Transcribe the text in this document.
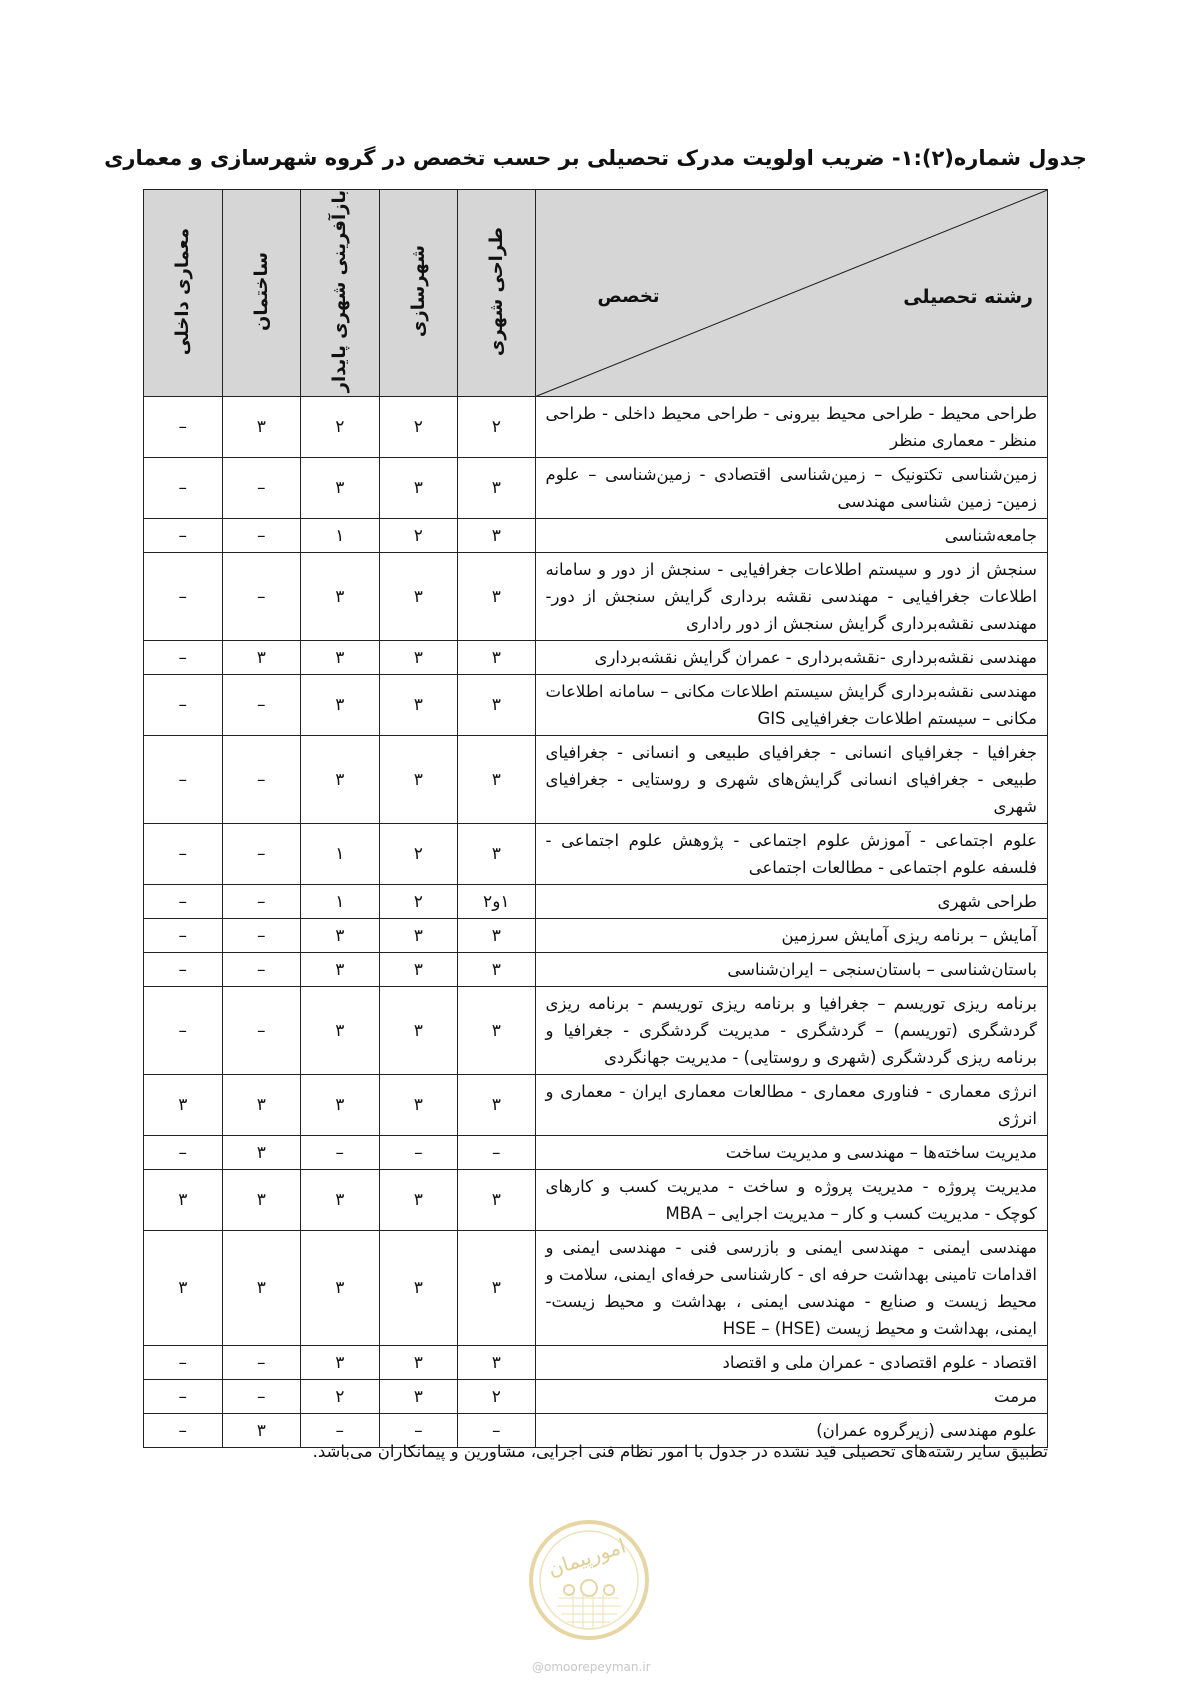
جدول شماره(۲):۱- ضریب اولویت مدرک تحصیلی بر حسب تخصص در گروه شهرسازی و معماری
رشته تحصیلی
تخصص	طراحی شهری	شهرسازی	بازآفرینی شهری پایدار	ساختمان	معماری داخلی
طراحی محیط - طراحی محیط بیرونی - طراحی محیط داخلی - طراحی منظر - معماری منظر	۲	۲	۲	۳	–
زمین‌شناسی تکتونیک – زمین‌شناسی اقتصادی - زمین‌شناسی – علوم زمین- زمین شناسی مهندسی	۳	۳	۳	–	–
جامعه‌شناسی	۳	۲	۱	–	–
سنجش از دور و سیستم اطلاعات جغرافیایی - سنجش از دور و سامانه اطلاعات جغرافیایی - مهندسی نقشه برداری گرایش سنجش از دور- مهندسی نقشه‌برداری گرایش سنجش از دور راداری	۳	۳	۳	–	–
مهندسی نقشه‌برداری -نقشه‌برداری - عمران گرایش نقشه‌برداری	۳	۳	۳	۳	–
مهندسی نقشه‌برداری گرایش سیستم اطلاعات مکانی – سامانه اطلاعات مکانی – سیستم اطلاعات جغرافیایی GIS	۳	۳	۳	–	–
جغرافیا - جغرافیای انسانی - جغرافیای طبیعی و انسانی - جغرافیای طبیعی - جغرافیای انسانی گرایش‌های شهری و روستایی - جغرافیای شهری	۳	۳	۳	–	–
علوم اجتماعی - آموزش علوم اجتماعی - پژوهش علوم اجتماعی - فلسفه علوم اجتماعی - مطالعات اجتماعی	۳	۲	۱	–	–
طراحی شهری	۱و۲	۲	۱	–	–
آمایش – برنامه ریزی آمایش سرزمین	۳	۳	۳	–	–
باستان‌شناسی – باستان‌سنجی – ایران‌شناسی	۳	۳	۳	–	–
برنامه ریزی توریسم – جغرافیا و برنامه ریزی توریسم - برنامه ریزی گردشگری (توریسم) – گردشگری - مدیریت گردشگری - جغرافیا و برنامه ریزی گردشگری (شهری و روستایی) - مدیریت جهانگردی	۳	۳	۳	–	–
انرژی معماری - فناوری معماری - مطالعات معماری ایران - معماری و انرژی	۳	۳	۳	۳	۳
مدیریت ساخته‌ها – مهندسی و مدیریت ساخت	–	–	–	۳	–
مدیریت پروژه - مدیریت پروژه و ساخت - مدیریت کسب و کارهای کوچک - مدیریت کسب و کار – مدیریت اجرایی – MBA	۳	۳	۳	۳	۳
مهندسی ایمنی - مهندسی ایمنی و بازرسی فنی - مهندسی ایمنی و اقدامات تامینی بهداشت حرفه ای - کارشناسی حرفه‌ای ایمنی، سلامت و محیط زیست و صنایع - مهندسی ایمنی ، بهداشت و محیط زیست- ایمنی، بهداشت و محیط زیست (HSE) – HSE	۳	۳	۳	۳	۳
اقتصاد - علوم اقتصادی - عمران ملی و اقتصاد	۳	۳	۳	–	–
مرمت	۲	۳	۲	–	–
علوم مهندسی (زیرگروه عمران)	–	–	–	۳	–
تطبیق سایر رشته‌های تحصیلی قید نشده در جدول با امور نظام فنی اجرایی، مشاورین و پیمانکاران می‌باشد.
امورپیمان
@omoorepeyman.ir
